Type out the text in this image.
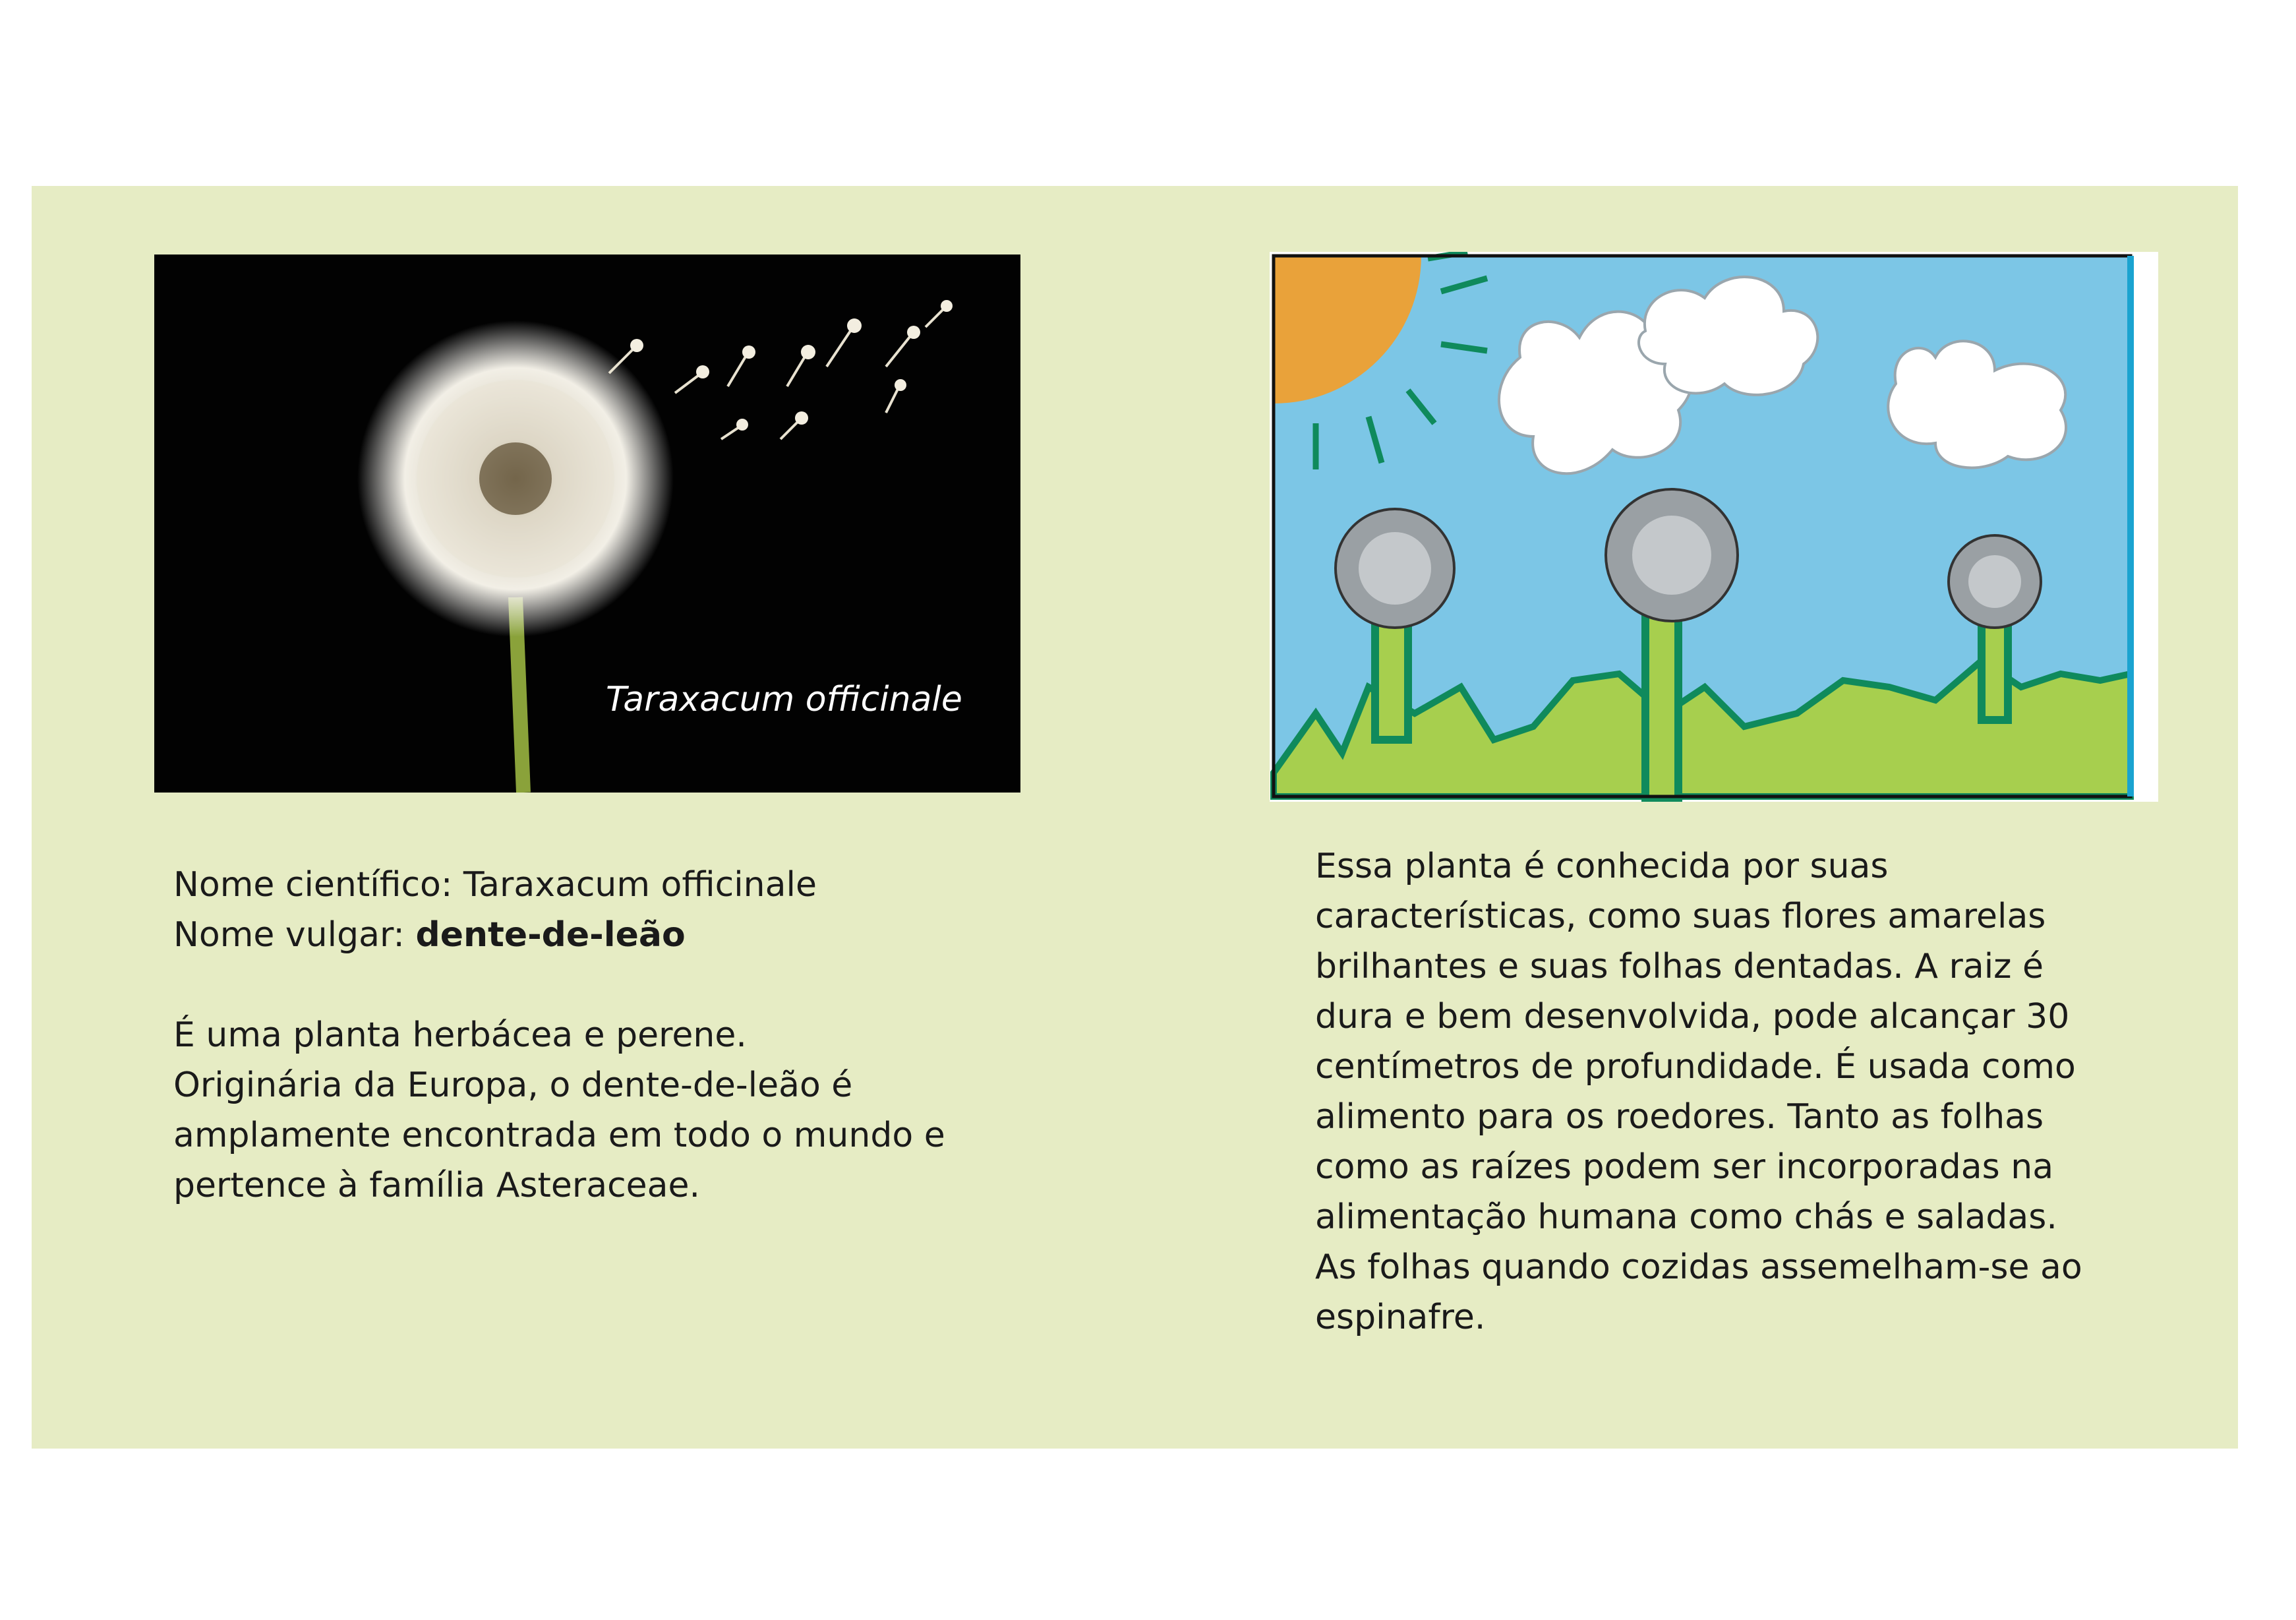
Taraxacum officinale
Nome científico: Taraxacum officinale
Nome vulgar: dente-de-leão
É uma planta herbácea e perene.
Originária da Europa, o dente-de-leão é
amplamente encontrada em todo o mundo e
pertence à família Asteraceae.
Essa planta é conhecida por suas
características, como suas flores amarelas
brilhantes e suas folhas dentadas. A raiz é
dura e bem desenvolvida, pode alcançar 30
centímetros de profundidade. É usada como
alimento para os roedores. Tanto as folhas
como as raízes podem ser incorporadas na
alimentação humana como chás e saladas.
As folhas quando cozidas assemelham-se ao
espinafre.
